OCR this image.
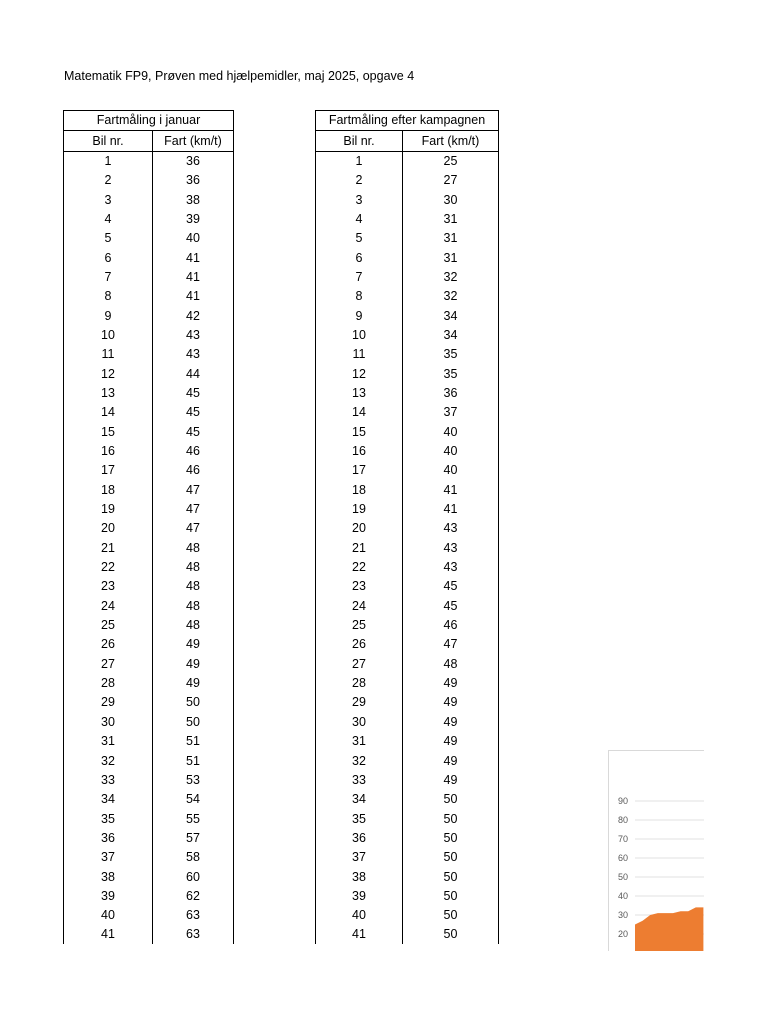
Matematik FP9, Prøven med hjælpemidler, maj 2025, opgave 4
Fartmåling i januar	
Bil nr.	Fart (km/t)
1	36
2	36
3	38
4	39
5	40
6	41
7	41
8	41
9	42
10	43
11	43
12	44
13	45
14	45
15	45
16	46
17	46
18	47
19	47
20	47
21	48
22	48
23	48
24	48
25	48
26	49
27	49
28	49
29	50
30	50
31	51
32	51
33	53
34	54
35	55
36	57
37	58
38	60
39	62
40	63
41	63
Fartmåling efter kampagnen	
Bil nr.	Fart (km/t)
1	25
2	27
3	30
4	31
5	31
6	31
7	32
8	32
9	34
10	34
11	35
12	35
13	36
14	37
15	40
16	40
17	40
18	41
19	41
20	43
21	43
22	43
23	45
24	45
25	46
26	47
27	48
28	49
29	49
30	49
31	49
32	49
33	49
34	50
35	50
36	50
37	50
38	50
39	50
40	50
41	50
90
80
70
60
50
40
30
20
